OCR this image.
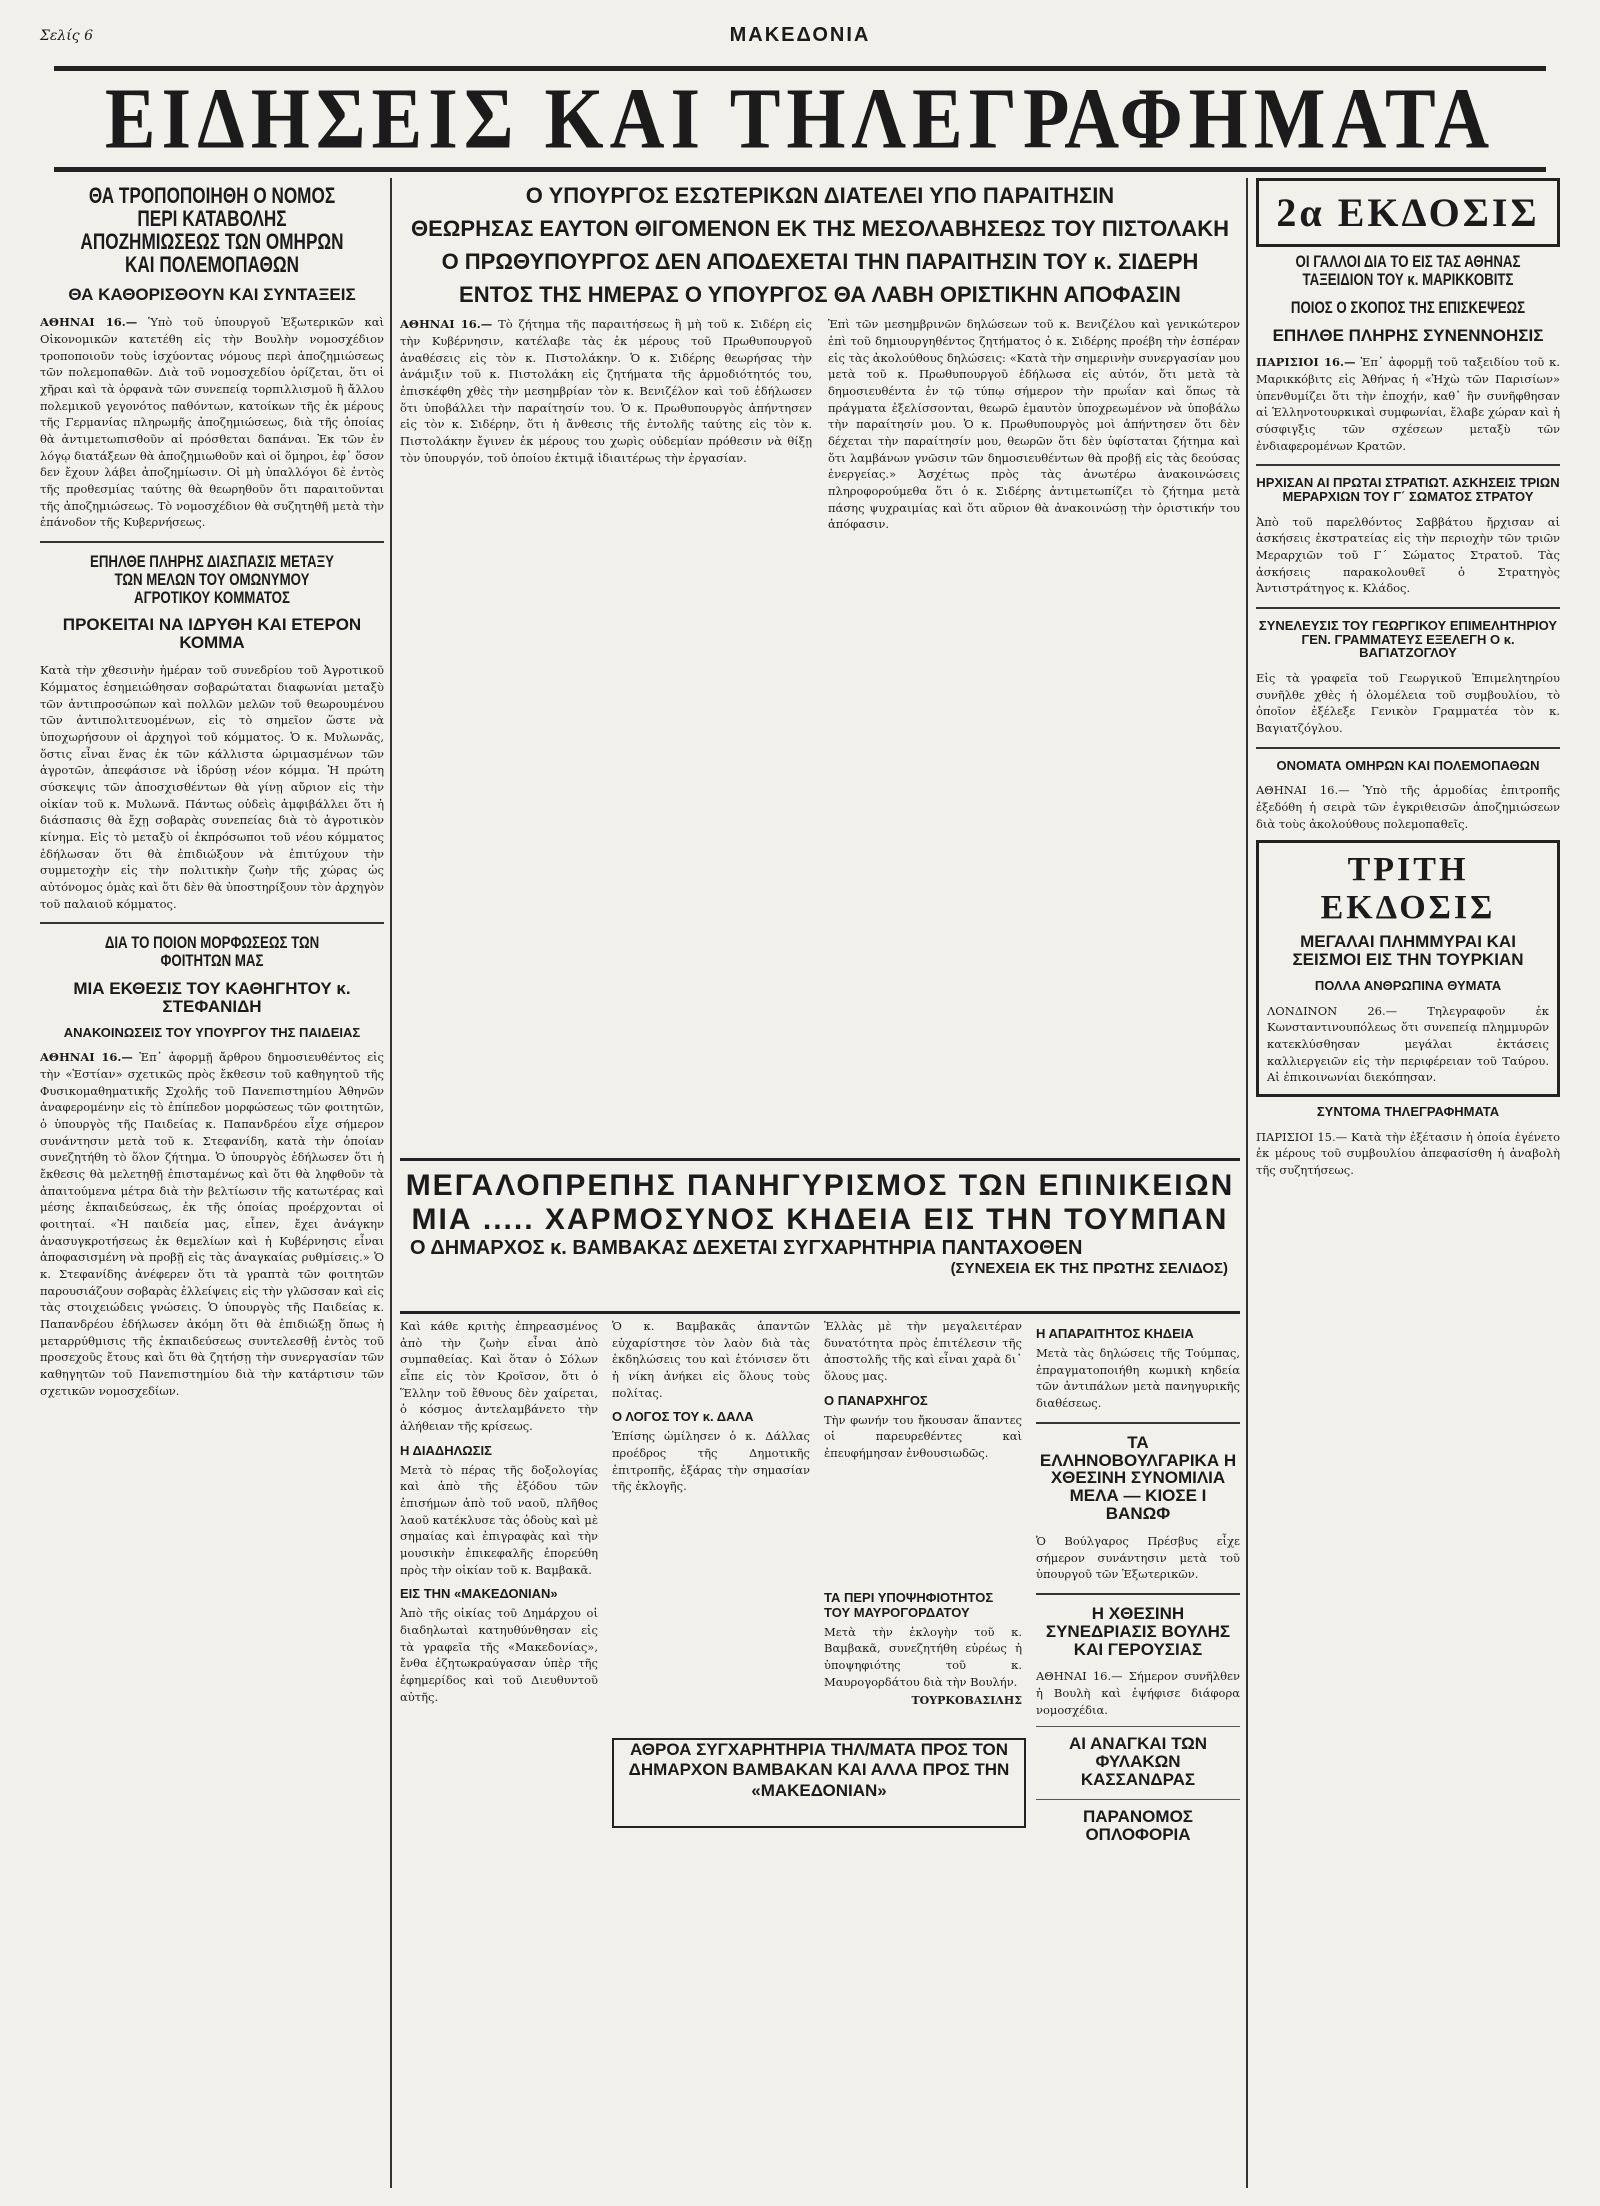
Σελίς 6	ΜΑΚΕΔΟΝΙΑ
ΕΙΔΗΣΕΙΣ ΚΑΙ ΤΗΛΕΓΡΑΦΗΜΑΤΑ
ΘΑ ΤΡΟΠΟΠΟΙΗΘΗ Ο ΝΟΜΟΣ ΠΕΡΙ ΚΑΤΑΒΟΛΗΣ ΑΠΟΖΗΜΙΩΣΕΩΣ ΤΩΝ ΟΜΗΡΩΝ ΚΑΙ ΠΟΛΕΜΟΠΑΘΩΝ
ΘΑ ΚΑΘΟΡΙΣΘΟΥΝ ΚΑΙ ΣΥΝΤΑΞΕΙΣ

ΑΘΗΝΑΙ 16.— Ὑπὸ τοῦ ὑπουργοῦ Ἐξωτερικῶν καὶ Οἰκονομικῶν κατετέθη εἰς τὴν Βουλὴν νομοσχέδιον τροποποιοῦν τοὺς ἰσχύοντας νόμους περὶ ἀποζημιώσεως τῶν πολεμοπαθῶν. Διὰ τοῦ νομοσχεδίου ὁρίζεται, ὅτι οἱ χῆραι καὶ τὰ ὀρφανὰ τῶν συνεπείᾳ τορπιλλισμοῦ ἢ ἄλλου πολεμικοῦ γεγονότος παθόντων, κατοίκων τῆς ἐκ μέρους τῆς Γερμανίας πληρωμῆς ἀποζημιώσεως, διὰ τῆς ὁποίας θὰ ἀντιμετωπισθοῦν αἱ πρόσθεται δαπάναι. Ἐκ τῶν ἐν λόγῳ διατάξεων θὰ ἀποζημιωθοῦν καὶ οἱ ὅμηροι, ἐφ᾽ ὅσον δεν ἔχουν λάβει ἀποζημίωσιν. Οἱ μὴ ὑπαλλόγοι δὲ ἐντὸς τῆς προθεσμίας ταύτης θὰ θεωρηθοῦν ὅτι παραιτοῦνται τῆς ἀποζημιώσεως. Τὸ νομοσχέδιον θὰ συζητηθῆ μετὰ τὴν ἐπάνοδον τῆς Κυβερνήσεως.

ΕΠΗΛΘΕ ΠΛΗΡΗΣ ΔΙΑΣΠΑΣΙΣ ΜΕΤΑΞΥ ΤΩΝ ΜΕΛΩΝ ΤΟΥ ΟΜΩΝΥΜΟΥ ΑΓΡΟΤΙΚΟΥ ΚΟΜΜΑΤΟΣ
ΠΡΟΚΕΙΤΑΙ ΝΑ ΙΔΡΥΘΗ ΚΑΙ ΕΤΕΡΟΝ ΚΟΜΜΑ

Κατὰ τὴν χθεσινὴν ἡμέραν τοῦ συνεδρίου τοῦ Ἀγροτικοῦ Κόμματος ἐσημειώθησαν σοβαρώταται διαφωνίαι μεταξὺ τῶν ἀντιπροσώπων καὶ πολλῶν μελῶν τοῦ θεωρουμένου τῶν ἀντιπολιτευομένων, εἰς τὸ σημεῖον ὥστε νὰ ὑποχωρήσουν οἱ ἀρχηγοὶ τοῦ κόμματος. Ὁ κ. Μυλωνᾶς, ὅστις εἶναι ἕνας ἐκ τῶν κάλλιστα ὡριμασμένων τῶν ἀγροτῶν, ἀπεφάσισε νὰ ἱδρύσῃ νέον κόμμα. Ἡ πρώτη σύσκεψις τῶν ἀποσχισθέντων θὰ γίνῃ αὔριον εἰς τὴν οἰκίαν τοῦ κ. Μυλωνᾶ. Πάντως οὐδεὶς ἀμφιβάλλει ὅτι ἡ διάσπασις θὰ ἔχῃ σοβαρὰς συνεπείας διὰ τὸ ἀγροτικὸν κίνημα. Εἰς τὸ μεταξὺ οἱ ἐκπρόσωποι τοῦ νέου κόμματος ἐδήλωσαν ὅτι θὰ ἐπιδιώξουν νὰ ἐπιτύχουν τὴν συμμετοχὴν εἰς τὴν πολιτικὴν ζωὴν τῆς χώρας ὡς αὐτόνομος ὁμὰς καὶ ὅτι δὲν θὰ ὑποστηρίξουν τὸν ἀρχηγὸν τοῦ παλαιοῦ κόμματος.

ΔΙΑ ΤΟ ΠΟΙΟΝ ΜΟΡΦΩΣΕΩΣ ΤΩΝ ΦΟΙΤΗΤΩΝ ΜΑΣ
ΜΙΑ ΕΚΘΕΣΙΣ ΤΟΥ ΚΑΘΗΓΗΤΟΥ κ. ΣΤΕΦΑΝΙΔΗ
ΑΝΑΚΟΙΝΩΣΕΙΣ ΤΟΥ ΥΠΟΥΡΓΟΥ ΤΗΣ ΠΑΙΔΕΙΑΣ

ΑΘΗΝΑΙ 16.— Ἐπ᾽ ἀφορμῇ ἄρθρου δημοσιευθέντος εἰς τὴν «Ἑστίαν» σχετικῶς πρὸς ἔκθεσιν τοῦ καθηγητοῦ τῆς Φυσικομαθηματικῆς Σχολῆς τοῦ Πανεπιστημίου Ἀθηνῶν ἀναφερομένην εἰς τὸ ἐπίπεδον μορφώσεως τῶν φοιτητῶν, ὁ ὑπουργὸς τῆς Παιδείας κ. Παπανδρέου εἶχε σήμερον συνάντησιν μετὰ τοῦ κ. Στεφανίδη, κατὰ τὴν ὁποίαν συνεζητήθη τὸ ὅλον ζήτημα. Ὁ ὑπουργὸς ἐδήλωσεν ὅτι ἡ ἔκθεσις θὰ μελετηθῇ ἐπισταμένως καὶ ὅτι θὰ ληφθοῦν τὰ ἀπαιτούμενα μέτρα διὰ τὴν βελτίωσιν τῆς κατωτέρας καὶ μέσης ἐκπαιδεύσεως, ἐκ τῆς ὁποίας προέρχονται οἱ φοιτηταί. «Ἡ παιδεία μας, εἶπεν, ἔχει ἀνάγκην ἀνασυγκροτήσεως ἐκ θεμελίων καὶ ἡ Κυβέρνησις εἶναι ἀποφασισμένη νὰ προβῇ εἰς τὰς ἀναγκαίας ρυθμίσεις.» Ὁ κ. Στεφανίδης ἀνέφερεν ὅτι τὰ γραπτὰ τῶν φοιτητῶν παρουσιάζουν σοβαρὰς ἐλλείψεις εἰς τὴν γλῶσσαν καὶ εἰς τὰς στοιχειώδεις γνώσεις. Ὁ ὑπουργὸς τῆς Παιδείας κ. Παπανδρέου ἐδήλωσεν ἀκόμη ὅτι θὰ ἐπιδιώξῃ ὅπως ἡ μεταρρύθμισις τῆς ἐκπαιδεύσεως συντελεσθῇ ἐντὸς τοῦ προσεχοῦς ἔτους καὶ ὅτι θὰ ζητήσῃ τὴν συνεργασίαν τῶν καθηγητῶν τοῦ Πανεπιστημίου διὰ τὴν κατάρτισιν τῶν σχετικῶν νομοσχεδίων.

Ο ΥΠΟΥΡΓΟΣ ΕΣΩΤΕΡΙΚΩΝ ΔΙΑΤΕΛΕΙ ΥΠΟ ΠΑΡΑΙΤΗΣΙΝ
ΘΕΩΡΗΣΑΣ ΕΑΥΤΟΝ ΘΙΓΟΜΕΝΟΝ ΕΚ ΤΗΣ ΜΕΣΟΛΑΒΗΣΕΩΣ ΤΟΥ ΠΙΣΤΟΛΑΚΗ
Ο ΠΡΩΘΥΠΟΥΡΓΟΣ ΔΕΝ ΑΠΟΔΕΧΕΤΑΙ ΤΗΝ ΠΑΡΑΙΤΗΣΙΝ ΤΟΥ κ. ΣΙΔΕΡΗ
ΕΝΤΟΣ ΤΗΣ ΗΜΕΡΑΣ Ο ΥΠΟΥΡΓΟΣ ΘΑ ΛΑΒΗ ΟΡΙΣΤΙΚΗΝ ΑΠΟΦΑΣΙΝ

ΑΘΗΝΑΙ 16.— Τὸ ζήτημα τῆς παραιτήσεως ἢ μὴ τοῦ κ. Σιδέρη εἰς τὴν Κυβέρνησιν, κατέλαβε τὰς ἐκ μέρους τοῦ Πρωθυπουργοῦ ἀναθέσεις εἰς τὸν κ. Πιστολάκην. Ὁ κ. Σιδέρης θεωρήσας τὴν ἀνάμιξιν τοῦ κ. Πιστολάκη εἰς ζητήματα τῆς ἁρμοδιότητός του, ἐπισκέφθη χθὲς τὴν μεσημβρίαν τὸν κ. Βενιζέλον καὶ τοῦ ἐδήλωσεν ὅτι ὑποβάλλει τὴν παραίτησίν του. Ὁ κ. Πρωθυπουργὸς ἀπήντησεν εἰς τὸν κ. Σιδέρην, ὅτι ἡ ἄνθεσις τῆς ἐντολῆς ταύτης εἰς τὸν κ. Πιστολάκην ἔγινεν ἐκ μέρους του χωρὶς οὐδεμίαν πρόθεσιν νὰ θίξῃ τὸν ὑπουργόν, τοῦ ὁποίου ἐκτιμᾷ ἰδιαιτέρως τὴν ἐργασίαν.

Ἐπὶ τῶν μεσημβρινῶν δηλώσεων τοῦ κ. Βενιζέλου καὶ γενικώτερον ἐπὶ τοῦ δημιουργηθέντος ζητήματος ὁ κ. Σιδέρης προέβη τὴν ἑσπέραν εἰς τὰς ἀκολούθους δηλώσεις: «Κατὰ τὴν σημερινὴν συνεργασίαν μου μετὰ τοῦ κ. Πρωθυπουργοῦ ἐδήλωσα εἰς αὐτόν, ὅτι μετὰ τὰ δημοσιευθέντα ἐν τῷ τύπῳ σήμερον τὴν πρωΐαν καὶ ὅπως τὰ πράγματα ἐξελίσσονται, θεωρῶ ἐμαυτὸν ὑποχρεωμένον νὰ ὑποβάλω τὴν παραίτησίν μου. Ὁ κ. Πρωθυπουργὸς μοὶ ἀπήντησεν ὅτι δὲν δέχεται τὴν παραίτησίν μου, θεωρῶν ὅτι δὲν ὑφίσταται ζήτημα καὶ ὅτι λαμβάνων γνῶσιν τῶν δημοσιευθέντων θὰ προβῇ εἰς τὰς δεούσας ἐνεργείας.» Ἀσχέτως πρὸς τὰς ἀνωτέρω ἀνακοινώσεις πληροφορούμεθα ὅτι ὁ κ. Σιδέρης ἀντιμετωπίζει τὸ ζήτημα μετὰ πάσης ψυχραιμίας καὶ ὅτι αὔριον θὰ ἀνακοινώσῃ τὴν ὁριστικήν του ἀπόφασιν.

ΜΕΓΑΛΟΠΡΕΠΗΣ ΠΑΝΗΓΥΡΙΣΜΟΣ ΤΩΝ ΕΠΙΝΙΚΕΙΩΝ
ΜΙΑ ..... ΧΑΡΜΟΣΥΝΟΣ ΚΗΔΕΙΑ ΕΙΣ ΤΗΝ ΤΟΥΜΠΑΝ
Ο ΔΗΜΑΡΧΟΣ κ. ΒΑΜΒΑΚΑΣ ΔΕΧΕΤΑΙ ΣΥΓΧΑΡΗΤΗΡΙΑ ΠΑΝΤΑΧΟΘΕΝ
(ΣΥΝΕΧΕΙΑ ΕΚ ΤΗΣ ΠΡΩΤΗΣ ΣΕΛΙΔΟΣ)

Καὶ κάθε κριτὴς ἐπηρεασμένος ἀπὸ τὴν ζωὴν εἶναι ἀπὸ συμπαθείας. Καὶ ὅταν ὁ Σόλων εἶπε εἰς τὸν Κροῖσον, ὅτι ὁ Ἕλλην τοῦ ἔθνους δὲν χαίρεται, ὁ κόσμος ἀντελαμβάνετο τὴν ἀλήθειαν τῆς κρίσεως.

Η ΔΙΑΔΗΛΩΣΙΣ

Μετὰ τὸ πέρας τῆς δοξολογίας καὶ ἀπὸ τῆς ἐξόδου τῶν ἐπισήμων ἀπὸ τοῦ ναοῦ, πλῆθος λαοῦ κατέκλυσε τὰς ὁδοὺς καὶ μὲ σημαίας καὶ ἐπιγραφὰς καὶ τὴν μουσικὴν ἐπικεφαλῆς ἐπορεύθη πρὸς τὴν οἰκίαν τοῦ κ. Βαμβακᾶ.

ΕΙΣ ΤΗΝ «ΜΑΚΕΔΟΝΙΑΝ»

Ἀπὸ τῆς οἰκίας τοῦ Δημάρχου οἱ διαδηλωταὶ κατηυθύνθησαν εἰς τὰ γραφεῖα τῆς «Μακεδονίας», ἔνθα ἐζητωκραύγασαν ὑπὲρ τῆς ἐφημερίδος καὶ τοῦ Διευθυντοῦ αὐτῆς.

Ὁ κ. Βαμβακᾶς ἀπαντῶν εὐχαρίστησε τὸν λαὸν διὰ τὰς ἐκδηλώσεις του καὶ ἐτόνισεν ὅτι ἡ νίκη ἀνήκει εἰς ὅλους τοὺς πολίτας.

Ο ΛΟΓΟΣ ΤΟΥ κ. ΔΑΛΑ

Ἐπίσης ὡμίλησεν ὁ κ. Δάλλας προέδρος τῆς Δημοτικῆς ἐπιτροπῆς, ἐξάρας τὴν σημασίαν τῆς ἐκλογῆς.

Ἐλλὰς μὲ τὴν μεγαλειτέραν δυνατότητα πρὸς ἐπιτέλεσιν τῆς ἀποστολῆς τῆς καὶ εἶναι χαρὰ δι᾽ ὅλους μας.

Ο ΠΑΝΑΡΧΗΓΟΣ

Τὴν φωνήν του ἤκουσαν ἅπαντες οἱ παρευρεθέντες καὶ ἐπευφήμησαν ἐνθουσιωδῶς.

ΤΑ ΠΕΡΙ ΥΠΟΨΗΦΙΟΤΗΤΟΣ ΤΟΥ ΜΑΥΡΟΓΟΡΔΑΤΟΥ

Μετὰ τὴν ἐκλογὴν τοῦ κ. Βαμβακᾶ, συνεζητήθη εὐρέως ἡ ὑποψηφιότης τοῦ κ. Μαυρογορδάτου διὰ τὴν Βουλήν.

ΤΟΥΡΚΟΒΑΣΙΛΗΣ
Η ΑΠΑΡΑΙΤΗΤΟΣ ΚΗΔΕΙΑ

Μετὰ τὰς δηλώσεις τῆς Τούμπας, ἐπραγματοποιήθη κωμικὴ κηδεία τῶν ἀντιπάλων μετὰ πανηγυρικῆς διαθέσεως.

ΤΑ ΕΛΛΗΝΟΒΟΥΛΓΑΡΙΚΑ Η ΧΘΕΣΙΝΗ ΣΥΝΟΜΙΛΙΑ ΜΕΛΑ — ΚΙΟΣΕ Ι ΒΑΝΩΦ

Ὁ Βούλγαρος Πρέσβυς εἶχε σήμερον συνάντησιν μετὰ τοῦ ὑπουργοῦ τῶν Ἐξωτερικῶν.

Η ΧΘΕΣΙΝΗ ΣΥΝΕΔΡΙΑΣΙΣ ΒΟΥΛΗΣ ΚΑΙ ΓΕΡΟΥΣΙΑΣ

ΑΘΗΝΑΙ 16.— Σήμερον συνῆλθεν ἡ Βουλὴ καὶ ἐψήφισε διάφορα νομοσχέδια.

ΑΙ ΑΝΑΓΚΑΙ ΤΩΝ ΦΥΛΑΚΩΝ ΚΑΣΣΑΝΔΡΑΣ
ΠΑΡΑΝΟΜΟΣ ΟΠΛΟΦΟΡΙΑ
ΑΘΡΟΑ ΣΥΓΧΑΡΗΤΗΡΙΑ ΤΗΛ/ΜΑΤΑ ΠΡΟΣ ΤΟΝ ΔΗΜΑΡΧΟΝ ΒΑΜΒΑΚΑΝ ΚΑΙ ΑΛΛΑ ΠΡΟΣ ΤΗΝ «ΜΑΚΕΔΟΝΙΑΝ»
2α ΕΚΔΟΣΙΣ
ΟΙ ΓΑΛΛΟΙ ΔΙΑ ΤΟ ΕΙΣ ΤΑΣ ΑΘΗΝΑΣ ΤΑΞΕΙΔΙΟΝ ΤΟΥ κ. ΜΑΡΙΚΚΟΒΙΤΣ
ΠΟΙΟΣ Ο ΣΚΟΠΟΣ ΤΗΣ ΕΠΙΣΚΕΨΕΩΣ
ΕΠΗΛΘΕ ΠΛΗΡΗΣ ΣΥΝΕΝΝΟΗΣΙΣ

ΠΑΡΙΣΙΟΙ 16.— Ἐπ᾽ ἀφορμῇ τοῦ ταξειδίου τοῦ κ. Μαρικκόβιτς εἰς Ἀθήνας ἡ «Ἠχὼ τῶν Παρισίων» ὑπενθυμίζει ὅτι τὴν ἐποχήν, καθ᾽ ἣν συνῆφθησαν αἱ Ἑλληνοτουρκικαὶ συμφωνίαι, ἔλαβε χώραν καὶ ἡ σύσφιγξις τῶν σχέσεων μεταξὺ τῶν ἐνδιαφερομένων Κρατῶν.

ΗΡΧΙΣΑΝ ΑΙ ΠΡΩΤΑΙ ΣΤΡΑΤΙΩΤ. ΑΣΚΗΣΕΙΣ ΤΡΙΩΝ ΜΕΡΑΡΧΙΩΝ ΤΟΥ Γ΄ ΣΩΜΑΤΟΣ ΣΤΡΑΤΟΥ

Ἀπὸ τοῦ παρελθόντος Σαββάτου ἤρχισαν αἱ ἀσκήσεις ἐκστρατείας εἰς τὴν περιοχὴν τῶν τριῶν Μεραρχιῶν τοῦ Γ΄ Σώματος Στρατοῦ. Τὰς ἀσκήσεις παρακολουθεῖ ὁ Στρατηγὸς Ἀντιστράτηγος κ. Κλάδος.

ΣΥΝΕΛΕΥΣΙΣ ΤΟΥ ΓΕΩΡΓΙΚΟΥ ΕΠΙΜΕΛΗΤΗΡΙΟΥ ΓΕΝ. ΓΡΑΜΜΑΤΕΥΣ ΕΞΕΛΕΓΗ Ο κ. ΒΑΓΙΑΤΖΟΓΛΟΥ

Εἰς τὰ γραφεῖα τοῦ Γεωργικοῦ Ἐπιμελητηρίου συνῆλθε χθὲς ἡ ὁλομέλεια τοῦ συμβουλίου, τὸ ὁποῖον ἐξέλεξε Γενικὸν Γραμματέα τὸν κ. Βαγιατζόγλου.

ΟΝΟΜΑΤΑ ΟΜΗΡΩΝ ΚΑΙ ΠΟΛΕΜΟΠΑΘΩΝ

ΑΘΗΝΑΙ 16.— Ὑπὸ τῆς ἁρμοδίας ἐπιτροπῆς ἐξεδόθη ἡ σειρὰ τῶν ἐγκριθεισῶν ἀποζημιώσεων διὰ τοὺς ἀκολούθους πολεμοπαθεῖς.

ΤΡΙΤΗ ΕΚΔΟΣΙΣ
ΜΕΓΑΛΑΙ ΠΛΗΜΜΥΡΑΙ ΚΑΙ ΣΕΙΣΜΟΙ ΕΙΣ ΤΗΝ ΤΟΥΡΚΙΑΝ
ΠΟΛΛΑ ΑΝΘΡΩΠΙΝΑ ΘΥΜΑΤΑ

ΛΟΝΔΙΝΟΝ 26.— Τηλεγραφοῦν ἐκ Κωνσταντινουπόλεως ὅτι συνεπείᾳ πλημμυρῶν κατεκλύσθησαν μεγάλαι ἐκτάσεις καλλιεργειῶν εἰς τὴν περιφέρειαν τοῦ Ταύρου. Αἱ ἐπικοινωνίαι διεκόπησαν.

ΣΥΝΤΟΜΑ ΤΗΛΕΓΡΑΦΗΜΑΤΑ

ΠΑΡΙΣΙΟΙ 15.— Κατὰ τὴν ἐξέτασιν ἡ ὁποία ἐγένετο ἐκ μέρους τοῦ συμβουλίου ἀπεφασίσθη ἡ ἀναβολὴ τῆς συζητήσεως.
